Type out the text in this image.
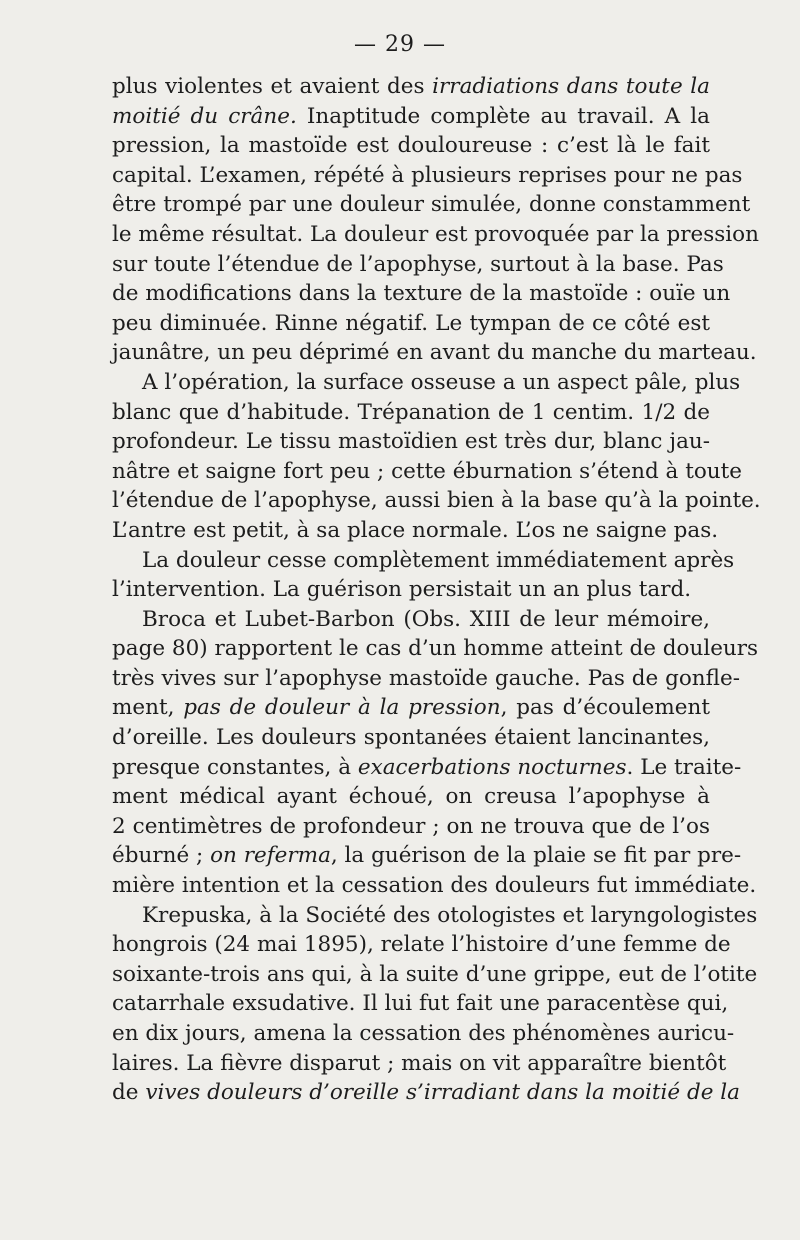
— 29 —
plus violentes et avaient des irradiations dans toute la
moitié du crâne. Inaptitude complète au travail. A la
pression, la mastoïde est douloureuse : c’est là le fait
capital. L’examen, répété à plusieurs reprises pour ne pas
être trompé par une douleur simulée, donne constamment
le même résultat. La douleur est provoquée par la pression
sur toute l’étendue de l’apophyse, surtout à la base. Pas
de modifications dans la texture de la mastoïde : ouïe un
peu diminuée. Rinne négatif. Le tympan de ce côté est
jaunâtre, un peu déprimé en avant du manche du marteau.
A l’opération, la surface osseuse a un aspect pâle, plus
blanc que d’habitude. Trépanation de 1 centim. 1/2 de
profondeur. Le tissu mastoïdien est très dur, blanc jau-
nâtre et saigne fort peu ; cette éburnation s’étend à toute
l’étendue de l’apophyse, aussi bien à la base qu’à la pointe.
L’antre est petit, à sa place normale. L’os ne saigne pas.
La douleur cesse complètement immédiatement après
l’intervention. La guérison persistait un an plus tard.
Broca et Lubet-Barbon (Obs. XIII de leur mémoire,
page 80) rapportent le cas d’un homme atteint de douleurs
très vives sur l’apophyse mastoïde gauche. Pas de gonfle-
ment, pas de douleur à la pression, pas d’écoulement
d’oreille. Les douleurs spontanées étaient lancinantes,
presque constantes, à exacerbations nocturnes. Le traite-
ment médical ayant échoué, on creusa l’apophyse à
2 centimètres de profondeur ; on ne trouva que de l’os
éburné ; on referma, la guérison de la plaie se fit par pre-
mière intention et la cessation des douleurs fut immédiate.
Krepuska, à la Société des otologistes et laryngologistes
hongrois (24 mai 1895), relate l’histoire d’une femme de
soixante-trois ans qui, à la suite d’une grippe, eut de l’otite
catarrhale exsudative. Il lui fut fait une paracentèse qui,
en dix jours, amena la cessation des phénomènes auricu-
laires. La fièvre disparut ; mais on vit apparaître bientôt
de vives douleurs d’oreille s’irradiant dans la moitié de la
